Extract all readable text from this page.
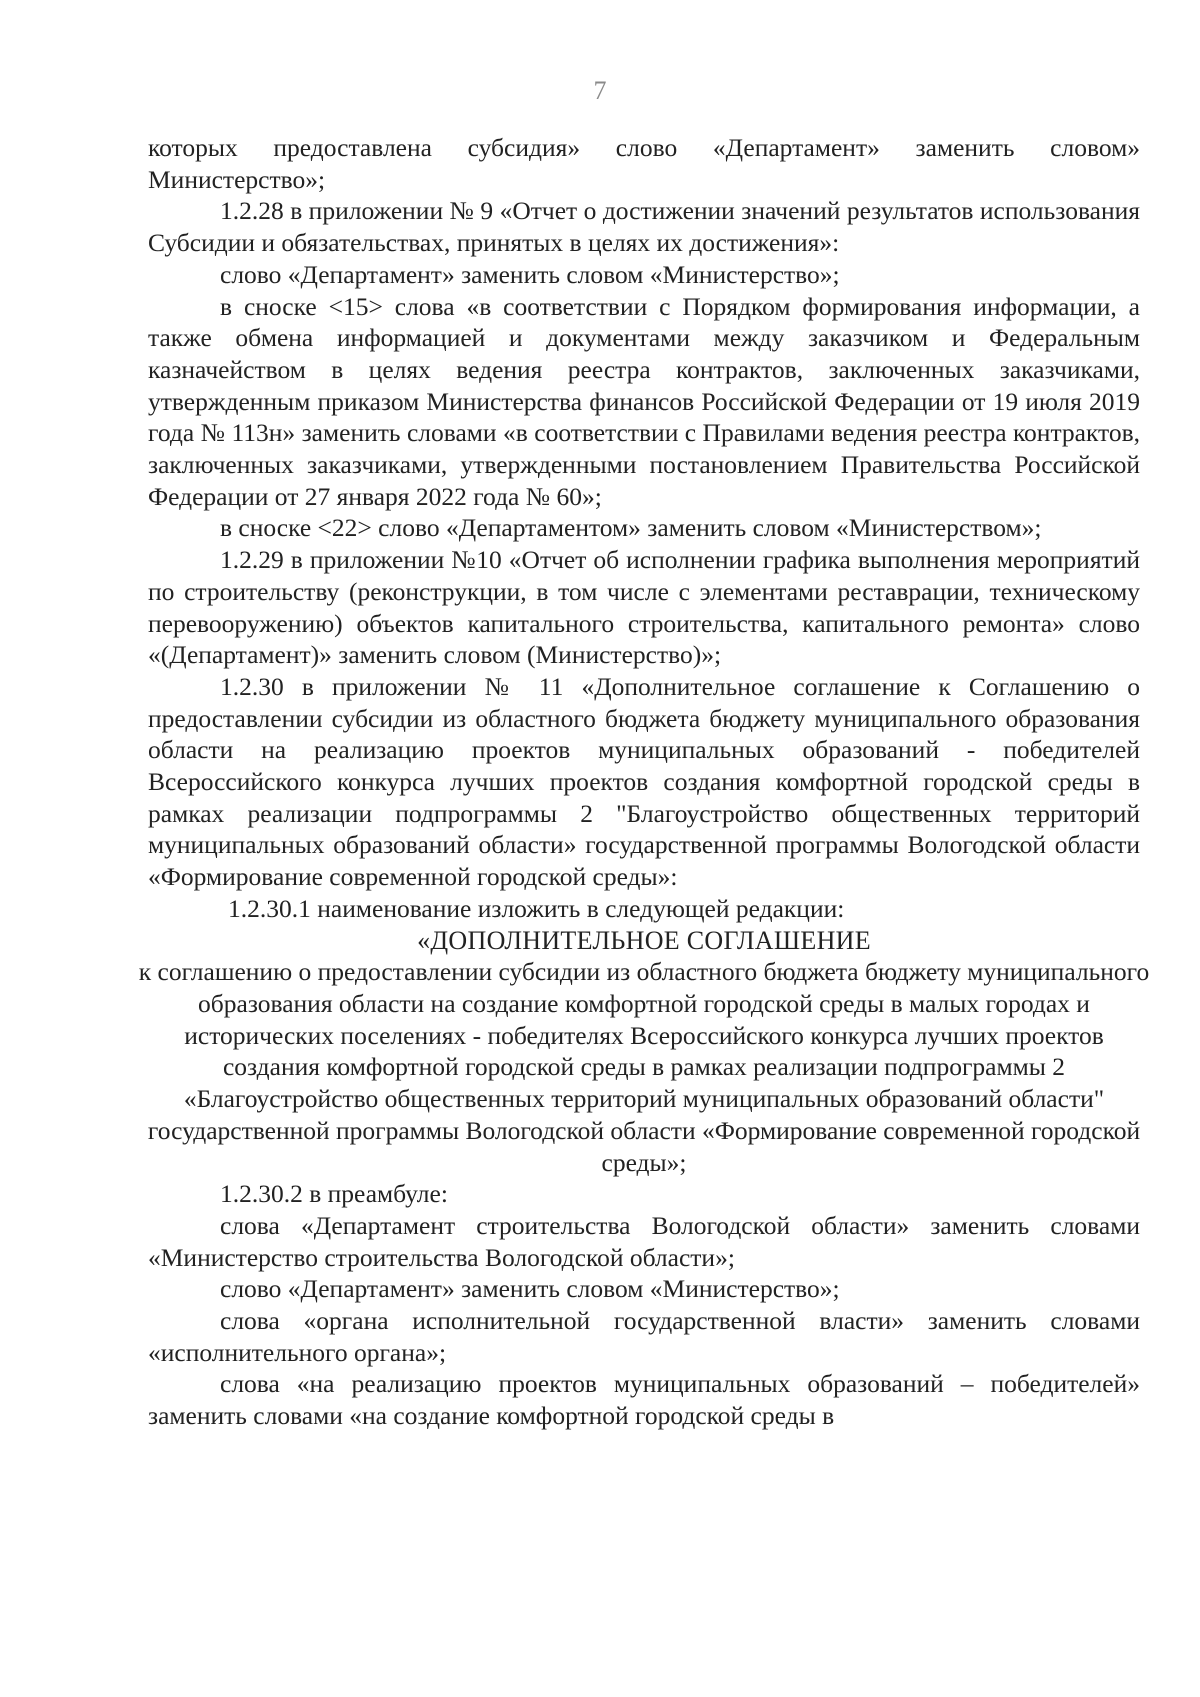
7

которых предоставлена субсидия» слово «Департамент» заменить словом» Министерство»;

1.2.28 в приложении № 9 «Отчет о достижении значений результатов использования Субсидии и обязательствах, принятых в целях их достижения»:

слово «Департамент» заменить словом «Министерство»;

в сноске <15> слова «в соответствии с Порядком формирования информации, а также обмена информацией и документами между заказчиком и Федеральным казначейством в целях ведения реестра контрактов, заключенных заказчиками, утвержденным приказом Министерства финансов Российской Федерации от 19 июля 2019 года № 113н» заменить словами «в соответствии с Правилами ведения реестра контрактов, заключенных заказчиками, утвержденными постановлением Правительства Российской Федерации от 27 января 2022 года № 60»;

в сноске <22> слово «Департаментом» заменить словом «Министерством»;

1.2.29 в приложении №10 «Отчет об исполнении графика выполнения мероприятий по строительству (реконструкции, в том числе с элементами реставрации, техническому перевооружению) объектов капитального строительства, капитального ремонта» слово «(Департамент)» заменить словом (Министерство)»;

1.2.30 в приложении № 11 «Дополнительное соглашение к Соглашению о предоставлении субсидии из областного бюджета бюджету муниципального образования области на реализацию проектов муниципальных образований - победителей Всероссийского конкурса лучших проектов создания комфортной городской среды в рамках реализации подпрограммы 2 "Благоустройство общественных территорий муниципальных образований области» государственной программы Вологодской области «Формирование современной городской среды»:

1.2.30.1 наименование изложить в следующей редакции:

«ДОПОЛНИТЕЛЬНОЕ СОГЛАШЕНИЕ

к соглашению о предоставлении субсидии из областного бюджета бюджету муниципального образования области на создание комфортной городской среды в малых городах и исторических поселениях - победителях Всероссийского конкурса лучших проектов создания комфортной городской среды в рамках реализации подпрограммы 2 «Благоустройство общественных территорий муниципальных образований области" государственной программы Вологодской области «Формирование современной городской среды»;

1.2.30.2 в преамбуле:

слова «Департамент строительства Вологодской области» заменить словами «Министерство строительства Вологодской области»;

слово «Департамент» заменить словом «Министерство»;

слова «органа исполнительной государственной власти» заменить словами «исполнительного органа»;

слова «на реализацию проектов муниципальных образований – победителей» заменить словами «на создание комфортной городской среды в
